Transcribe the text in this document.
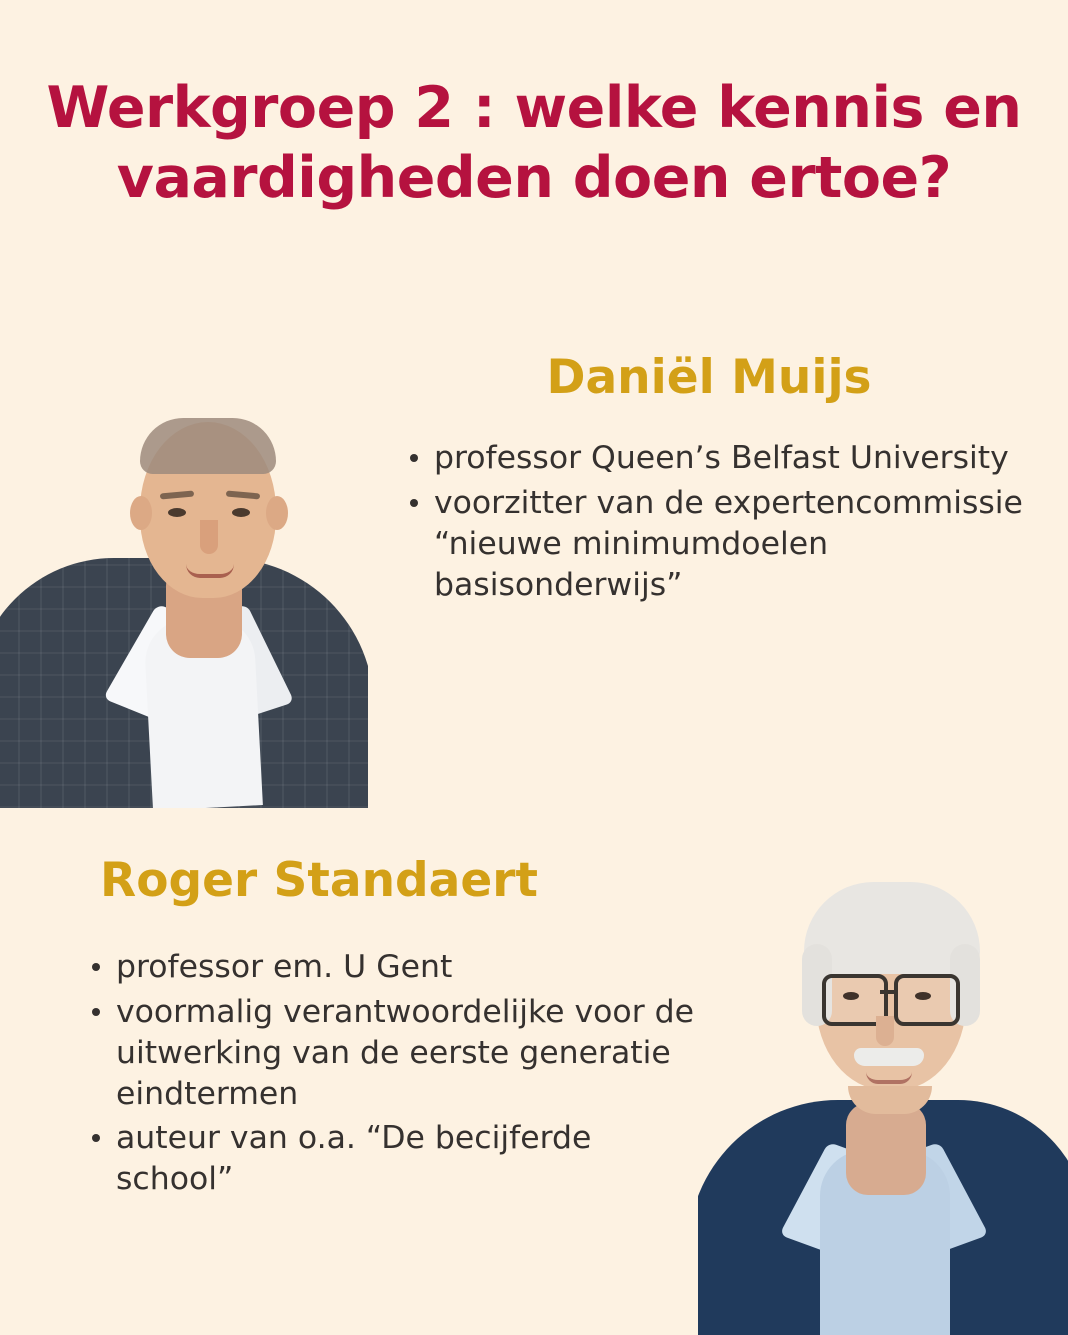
Werkgroep 2 : welke kennis en vaardigheden doen ertoe?
Daniël Muijs
professor Queen’s Belfast University
voorzitter van de expertencommissie “nieuwe minimumdoelen basisonderwijs”
Roger Standaert
professor em. U Gent
voormalig verantwoordelijke voor de uitwerking van de eerste generatie eindtermen
auteur van o.a. “De becijferde school”
